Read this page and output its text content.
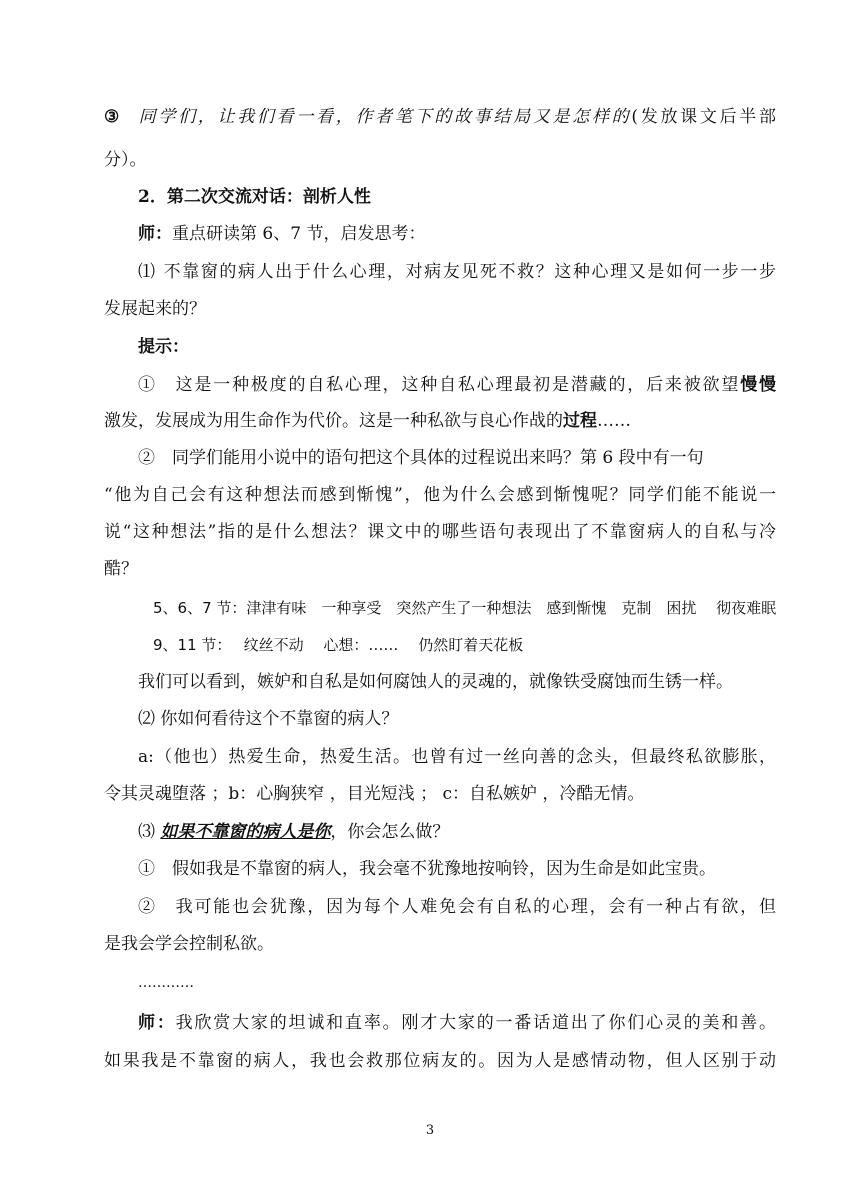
③ 同学们，让我们看一看，作者笔下的故事结局又是怎样的(发放课文后半部
分）。
2．第二次交流对话：剖析人性
师：重点研读第 6、7 节，启发思考：
⑴ 不靠窗的病人出于什么心理，对病友见死不救？这种心理又是如何一步一步
发展起来的？
提示：
①　这是一种极度的自私心理，这种自私心理最初是潜藏的，后来被欲望慢慢
激发，发展成为用生命作为代价。这是一种私欲与良心作战的过程……
②　同学们能用小说中的语句把这个具体的过程说出来吗？第 6 段中有一句
“他为自己会有这种想法而感到惭愧”，他为什么会感到惭愧呢？同学们能不能说一
说“这种想法”指的是什么想法？课文中的哪些语句表现出了不靠窗病人的自私与冷
酷？
5、6、7 节：津津有味　一种享受　突然产生了一种想法　感到惭愧　克制　困扰　 彻夜难眠
9、11 节：　 纹丝不动　 心想：……　 仍然盯着天花板
我们可以看到，嫉妒和自私是如何腐蚀人的灵魂的，就像铁受腐蚀而生锈一样。
⑵ 你如何看待这个不靠窗的病人？
a:（他也）热爱生命，热爱生活。也曾有过一丝向善的念头，但最终私欲膨胀，
令其灵魂堕落 ；b：心胸狭窄 ，目光短浅 ； c：自私嫉妒 ，冷酷无情。
⑶ 如果不靠窗的病人是你，你会怎么做？
①　假如我是不靠窗的病人，我会毫不犹豫地按响铃，因为生命是如此宝贵。
②　我可能也会犹豫，因为每个人难免会有自私的心理，会有一种占有欲，但
是我会学会控制私欲。
…………
师：我欣赏大家的坦诚和直率。刚才大家的一番话道出了你们心灵的美和善。
如果我是不靠窗的病人，我也会救那位病友的。因为人是感情动物，但人区别于动
3
